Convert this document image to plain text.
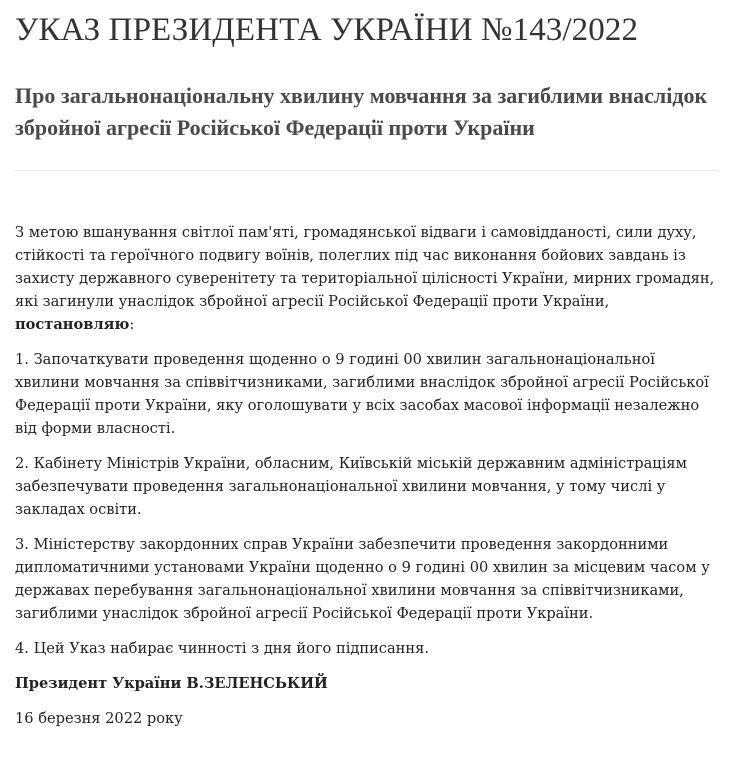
УКАЗ ПРЕЗИДЕНТА УКРАЇНИ №143/2022
Про загальнонаціональну хвилину мовчання за загиблими внаслідок збройної агресії Російської Федерації проти України

З метою вшанування світлої пам'яті, громадянської відваги і самовідданості, сили духу, стійкості та героїчного подвигу воїнів, полеглих під час виконання бойових завдань із захисту державного суверенітету та територіальної цілісності України, мирних громадян, які загинули унаслідок збройної агресії Російської Федерації проти України, постановляю:

1. Започаткувати проведення щоденно о 9 годині 00 хвилин загальнонаціональної хвилини мовчання за співвітчизниками, загиблими внаслідок збройної агресії Російської Федерації проти України, яку оголошувати у всіх засобах масової інформації незалежно від форми власності.

2. Кабінету Міністрів України, обласним, Київській міській державним адміністраціям забезпечувати проведення загальнонаціональної хвилини мовчання, у тому числі у закладах освіти.

3. Міністерству закордонних справ України забезпечити проведення закордонними дипломатичними установами України щоденно о 9 годині 00 хвилин за місцевим часом у державах перебування загальнонаціональної хвилини мовчання за співвітчизниками, загиблими унаслідок збройної агресії Російської Федерації проти України.

4. Цей Указ набирає чинності з дня його підписання.

Президент України В.ЗЕЛЕНСЬКИЙ

16 березня 2022 року
